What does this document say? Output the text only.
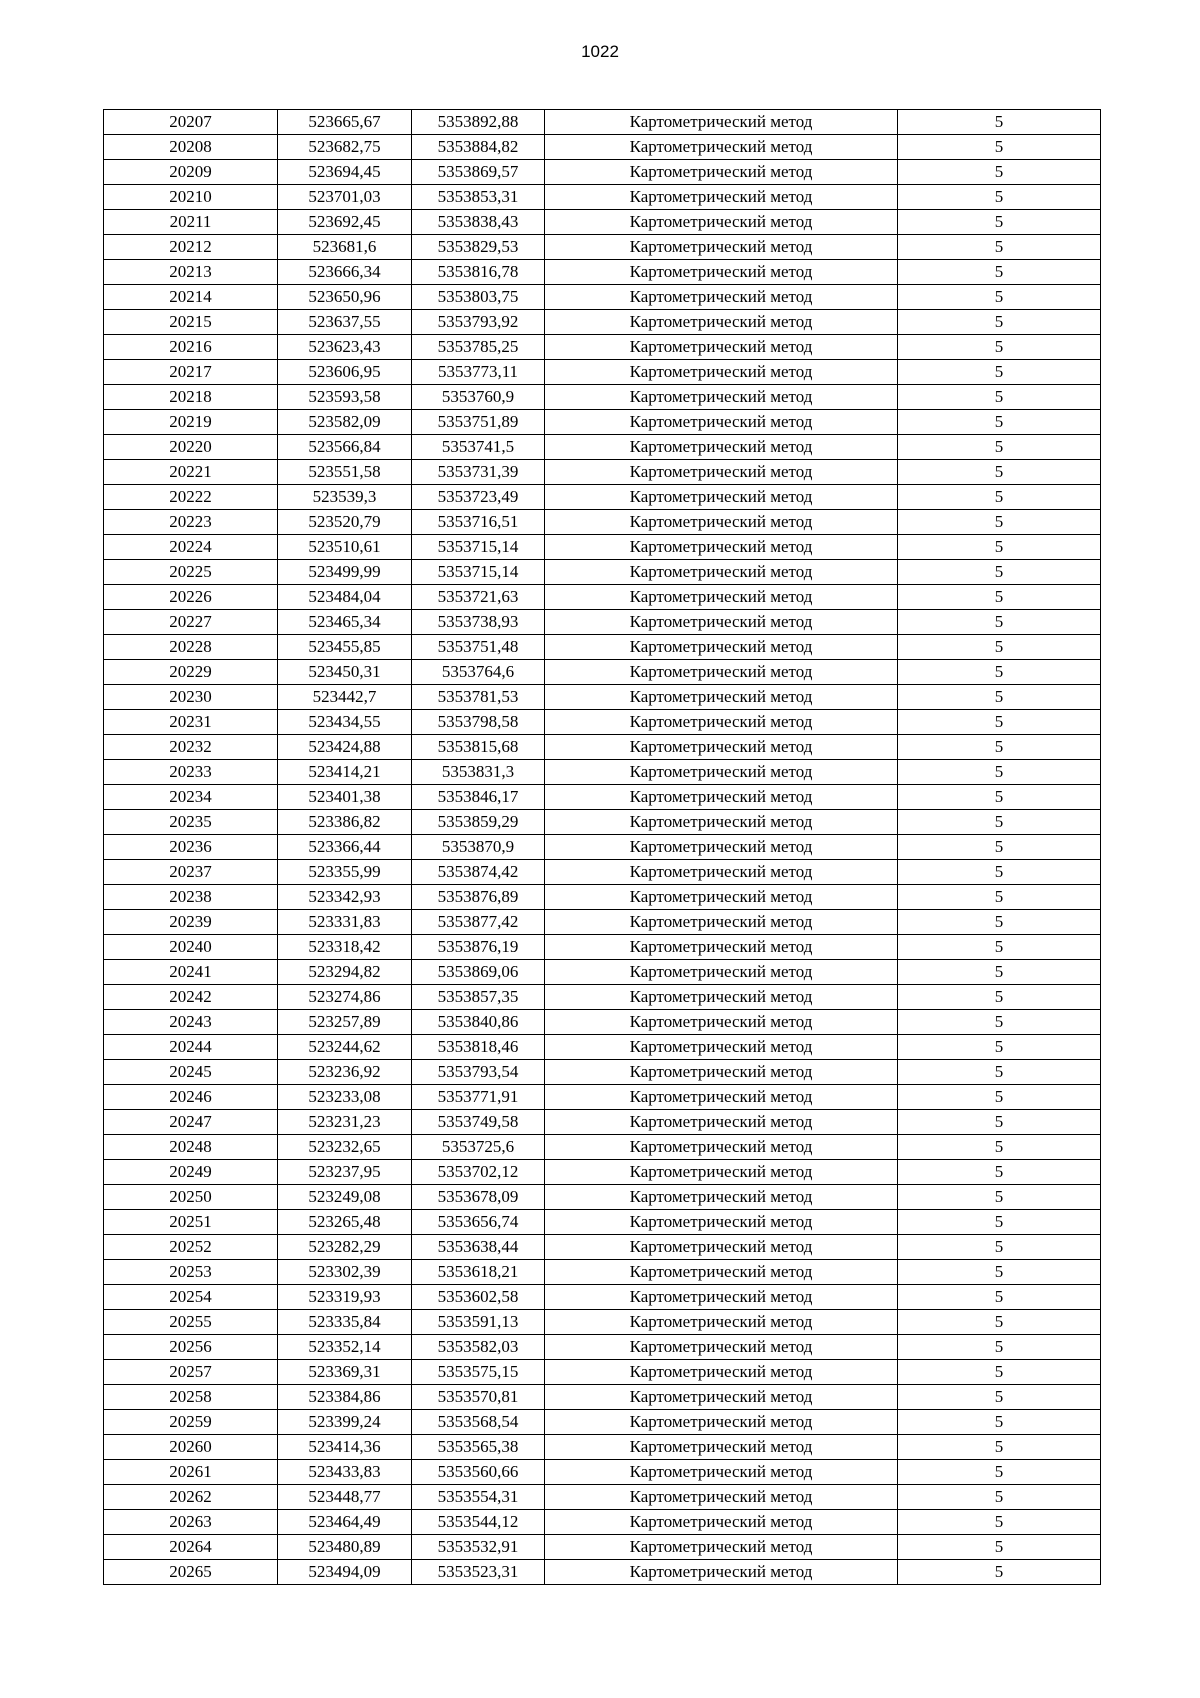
1022
20207	523665,67	5353892,88	Картометрический метод	5
20208	523682,75	5353884,82	Картометрический метод	5
20209	523694,45	5353869,57	Картометрический метод	5
20210	523701,03	5353853,31	Картометрический метод	5
20211	523692,45	5353838,43	Картометрический метод	5
20212	523681,6	5353829,53	Картометрический метод	5
20213	523666,34	5353816,78	Картометрический метод	5
20214	523650,96	5353803,75	Картометрический метод	5
20215	523637,55	5353793,92	Картометрический метод	5
20216	523623,43	5353785,25	Картометрический метод	5
20217	523606,95	5353773,11	Картометрический метод	5
20218	523593,58	5353760,9	Картометрический метод	5
20219	523582,09	5353751,89	Картометрический метод	5
20220	523566,84	5353741,5	Картометрический метод	5
20221	523551,58	5353731,39	Картометрический метод	5
20222	523539,3	5353723,49	Картометрический метод	5
20223	523520,79	5353716,51	Картометрический метод	5
20224	523510,61	5353715,14	Картометрический метод	5
20225	523499,99	5353715,14	Картометрический метод	5
20226	523484,04	5353721,63	Картометрический метод	5
20227	523465,34	5353738,93	Картометрический метод	5
20228	523455,85	5353751,48	Картометрический метод	5
20229	523450,31	5353764,6	Картометрический метод	5
20230	523442,7	5353781,53	Картометрический метод	5
20231	523434,55	5353798,58	Картометрический метод	5
20232	523424,88	5353815,68	Картометрический метод	5
20233	523414,21	5353831,3	Картометрический метод	5
20234	523401,38	5353846,17	Картометрический метод	5
20235	523386,82	5353859,29	Картометрический метод	5
20236	523366,44	5353870,9	Картометрический метод	5
20237	523355,99	5353874,42	Картометрический метод	5
20238	523342,93	5353876,89	Картометрический метод	5
20239	523331,83	5353877,42	Картометрический метод	5
20240	523318,42	5353876,19	Картометрический метод	5
20241	523294,82	5353869,06	Картометрический метод	5
20242	523274,86	5353857,35	Картометрический метод	5
20243	523257,89	5353840,86	Картометрический метод	5
20244	523244,62	5353818,46	Картометрический метод	5
20245	523236,92	5353793,54	Картометрический метод	5
20246	523233,08	5353771,91	Картометрический метод	5
20247	523231,23	5353749,58	Картометрический метод	5
20248	523232,65	5353725,6	Картометрический метод	5
20249	523237,95	5353702,12	Картометрический метод	5
20250	523249,08	5353678,09	Картометрический метод	5
20251	523265,48	5353656,74	Картометрический метод	5
20252	523282,29	5353638,44	Картометрический метод	5
20253	523302,39	5353618,21	Картометрический метод	5
20254	523319,93	5353602,58	Картометрический метод	5
20255	523335,84	5353591,13	Картометрический метод	5
20256	523352,14	5353582,03	Картометрический метод	5
20257	523369,31	5353575,15	Картометрический метод	5
20258	523384,86	5353570,81	Картометрический метод	5
20259	523399,24	5353568,54	Картометрический метод	5
20260	523414,36	5353565,38	Картометрический метод	5
20261	523433,83	5353560,66	Картометрический метод	5
20262	523448,77	5353554,31	Картометрический метод	5
20263	523464,49	5353544,12	Картометрический метод	5
20264	523480,89	5353532,91	Картометрический метод	5
20265	523494,09	5353523,31	Картометрический метод	5
